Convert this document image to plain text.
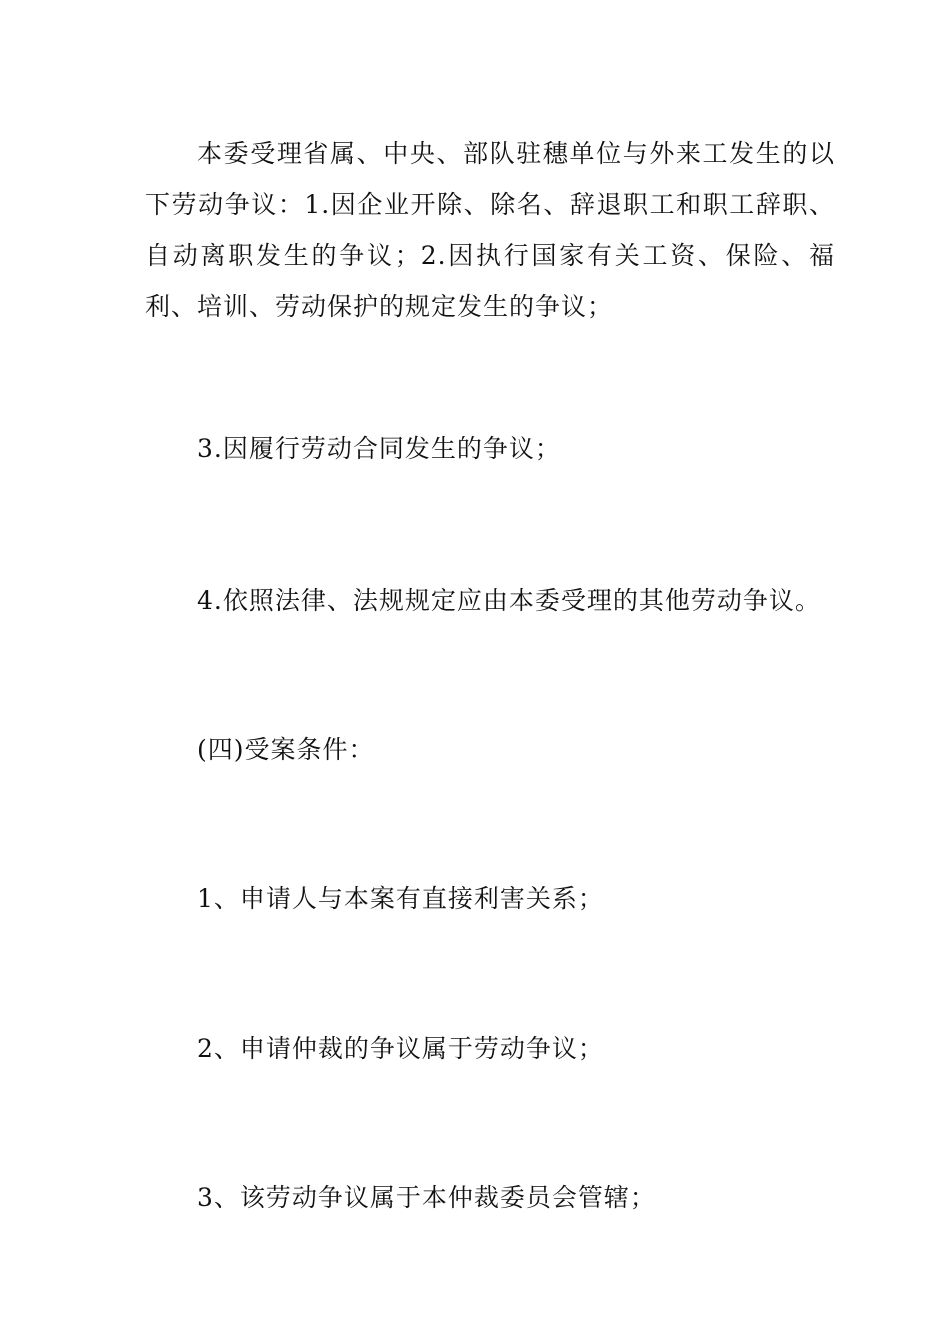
本委受理省属、中央、部队驻穗单位与外来工发生的以下劳动争议：1.因企业开除、除名、辞退职工和职工辞职、自动离职发生的争议；2.因执行国家有关工资、保险、福利、培训、劳动保护的规定发生的争议；

3.因履行劳动合同发生的争议；

4.依照法律、法规规定应由本委受理的其他劳动争议。

(四)受案条件：

1、申请人与本案有直接利害关系；

2、申请仲裁的争议属于劳动争议；

3、该劳动争议属于本仲裁委员会管辖；
